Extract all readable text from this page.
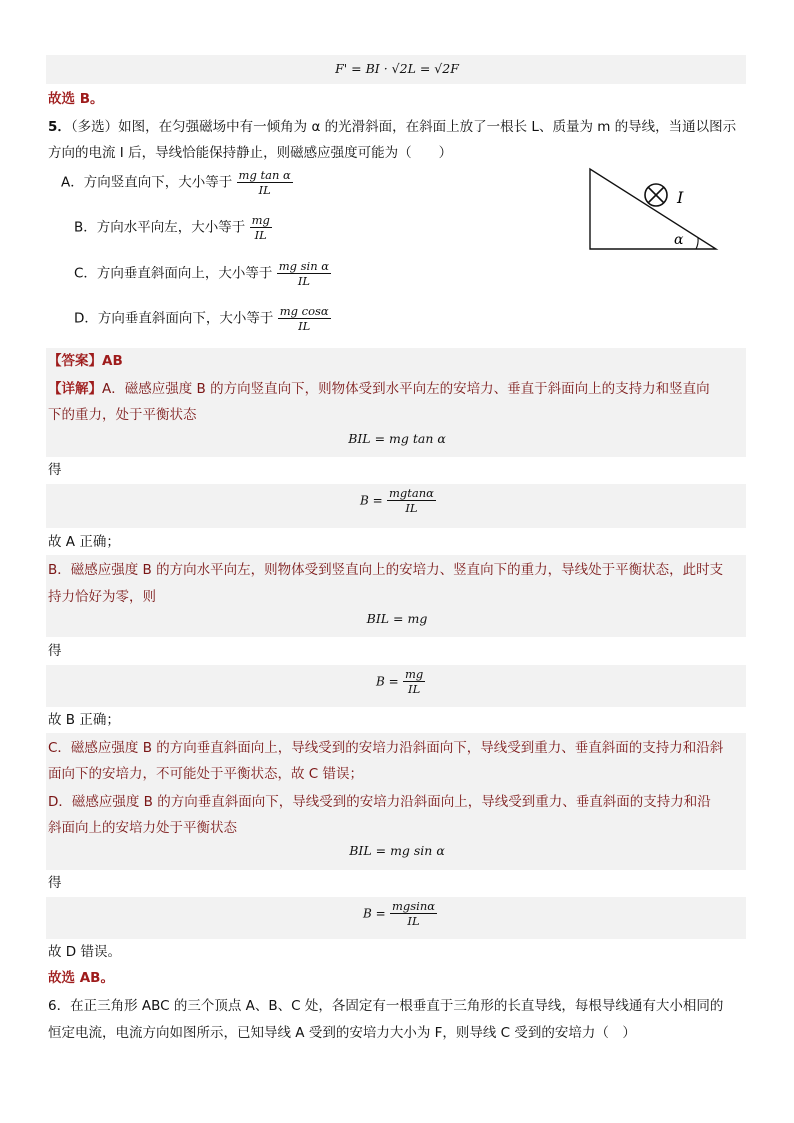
F' = BI · √2L = √2F
故选 B。
5．（多选）如图，在匀强磁场中有一倾角为 α 的光滑斜面，在斜面上放了一根长 L、质量为 m 的导线，当通以图示
方向的电流 I 后，导线恰能保持静止，则磁感应强度可能为（　　）
A．方向竖直向下，大小等于 $\frac{\text{mg tan α}}{IL}$
B．方向水平向左，大小等于 $\frac{mg}{IL}$
C．方向垂直斜面向上，大小等于 $\frac{\text{mg sin α}}{IL}$
D．方向垂直斜面向下，大小等于 $\frac{\text{mg cosα}}{IL}$
I
α
【答案】AB
【详解】A．磁感应强度 B 的方向竖直向下，则物体受到水平向左的安培力、垂直于斜面向上的支持力和竖直向
下的重力，处于平衡状态
BIL = mg tan α
得
$B = \frac{mgtan\alpha}{IL}$
故 A 正确；
B．磁感应强度 B 的方向水平向左，则物体受到竖直向上的安培力、竖直向下的重力，导线处于平衡状态，此时支
持力恰好为零，则
BIL = mg
得
$B = \frac{mg}{IL}$
故 B 正确；
C．磁感应强度 B 的方向垂直斜面向上，导线受到的安培力沿斜面向下，导线受到重力、垂直斜面的支持力和沿斜
面向下的安培力，不可能处于平衡状态，故 C 错误；
D．磁感应强度 B 的方向垂直斜面向下，导线受到的安培力沿斜面向上，导线受到重力、垂直斜面的支持力和沿
斜面向上的安培力处于平衡状态
BIL = mg sin α
得
$B = \frac{mgsin\alpha}{IL}$
故 D 错误。
故选 AB。
6．在正三角形 ABC 的三个顶点 A、B、C 处，各固定有一根垂直于三角形的长直导线，每根导线通有大小相同的
恒定电流，电流方向如图所示，已知导线 A 受到的安培力大小为 F，则导线 C 受到的安培力（　）
